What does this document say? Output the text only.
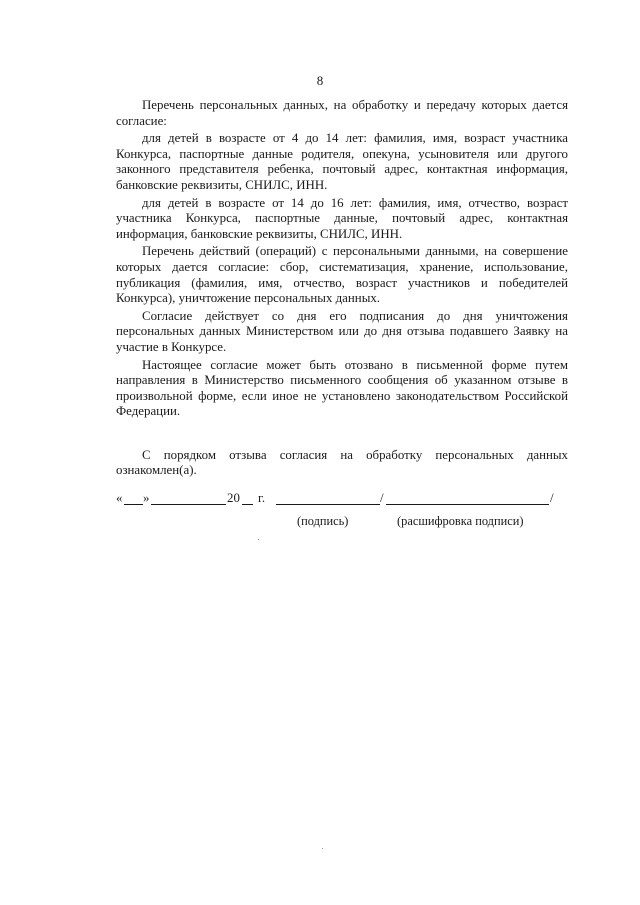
8

Перечень персональных данных, на обработку и передачу которых дается согласие:

для детей в возрасте от 4 до 14 лет: фамилия, имя, возраст участника Конкурса, паспортные данные родителя, опекуна, усыновителя или другого законного представителя ребенка, почтовый адрес, контактная информация, банковские реквизиты, СНИЛС, ИНН.

для детей в возрасте от 14 до 16 лет: фамилия, имя, отчество, возраст участника Конкурса, паспортные данные, почтовый адрес, контактная информация, банковские реквизиты, СНИЛС, ИНН.

Перечень действий (операций) с персональными данными, на совершение которых дается согласие: сбор, систематизация, хранение, использование, публикация (фамилия, имя, отчество, возраст участников и победителей Конкурса), уничтожение персональных данных.

Согласие действует со дня его подписания до дня уничтожения персональных данных Министерством или до дня отзыва подавшего Заявку на участие в Конкурсе.

Настоящее согласие может быть отозвано в письменной форме путем направления в Министерство письменного сообщения об указанном отзыве в произвольной форме, если иное не установлено законодательством Российской Федерации.

С порядком отзыва согласия на обработку персональных данных ознакомлен(а).

« »	20 г.	/	/
(подпись)	(расшифровка подписи)
